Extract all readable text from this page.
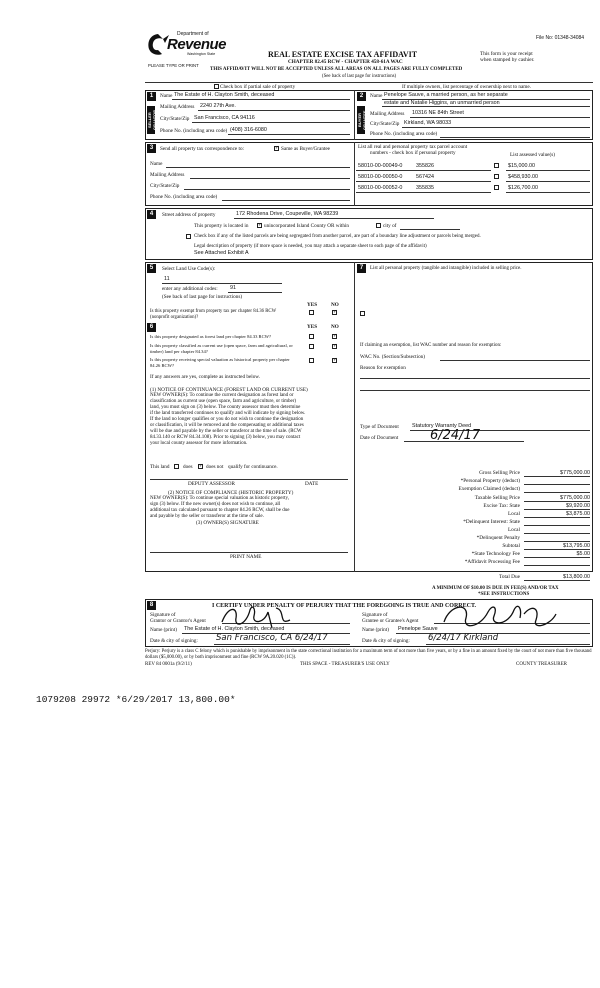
File No: 01348-34084
Department of
Revenue
Washington State
PLEASE TYPE OR PRINT
REAL ESTATE EXCISE TAX AFFIDAVIT
CHAPTER 82.45 RCW - CHAPTER 458-61A WAC
This form is your receipt
when stamped by cashier.
THIS AFFIDAVIT WILL NOT BE ACCEPTED UNLESS ALL AREAS ON ALL PAGES ARE FULLY COMPLETED
(See back of last page for instructions)
Check box if partial sale of property	If multiple owners, list percentage of ownership next to name.
1
SELLER GRANTOR
Name The Estate of H. Clayton Smith, deceased
Mailing Address 2240 27th Ave.
City/State/Zip San Francisco, CA 94116
Phone No. (including area code) (408) 316-6080
2
BUYER GRANTEE
Name Penelope Sauve, a married person, as her separate
estate and Natalie Higgins, an unmarried person
Mailing Address 10316 NE 84th Street
City/State/Zip Kirkland, WA 98033
Phone No. (including area code)
3	Send all property tax correspondence to:	✓ Same as Buyer/Grantee
Name
Mailing Address
City/State/Zip
Phone No. (including area code)
List all real and personal property tax parcel account
numbers - check box if personal property	List assessed value(s)
58010-00-00049-0	355826	$15,000.00
58010-00-00050-0	567424	$458,930.00
58010-00-00052-0	355835	$126,700.00
4	Street address of property	172 Rhodena Drive, Coupeville, WA 98239
This property is located in ✓ unincorporated Island County OR within	city of
Check box if any of the listed parcels are being segregated from another parcel, are part of a boundary line adjustment or parcels being merged.
Legal description of property (if more space is needed, you may attach a separate sheet to each page of the affidavit)
See Attached Exhibit A
5	Select Land Use Code(s):
11
enter any additional codes: 91
(See back of last page for instructions)
YES	NO
Is this property exempt from property tax per chapter 84.36 RCW (nonprofit organization)?
✓
6	YES	NO
Is this property designated as forest land per chapter 84.33 RCW?	✓
Is this property classified as current use (open space, farm and agricultural, or timber) land per chapter 84.34?
✓
Is this property receiving special valuation as historical property per chapter 84.26 RCW?
✓
If any answers are yes, complete as instructed below.
(1) NOTICE OF CONTINUANCE (FOREST LAND OR CURRENT USE)
NEW OWNER(S): To continue the current designation as forest land or
classification as current use (open space, farm and agriculture, or timber)
land, you must sign on (3) below. The county assessor must then determine
if the land transferred continues to qualify and will indicate by signing below.
If the land no longer qualifies or you do not wish to continue the designation
or classification, it will be removed and the compensating or additional taxes
will be due and payable by the seller or transferor at the time of sale. (RCW
84.33.140 or RCW 84.34.108). Prior to signing (3) below, you may contact
your local county assessor for more information.
This land	does ✓ does not qualify for continuance.
DEPUTY ASSESSOR	DATE
(2) NOTICE OF COMPLIANCE (HISTORIC PROPERTY)
NEW OWNER(S): To continue special valuation as historic property,
sign (3) below. If the new owner(s) does not wish to continue, all
additional tax calculated pursuant to chapter 84.26 RCW, shall be due
and payable by the seller or transferor at the time of sale.
(3) OWNER(S) SIGNATURE
PRINT NAME
7	List all personal property (tangible and intangible) included in selling price.
If claiming an exemption, list WAC number and reason for exemption:
WAC No. (Section/Subsection)
Reason for exemption
Type of Document Statutory Warranty Deed
Date of Document 6/24/17
Gross Selling Price	$775,000.00
*Personal Property (deduct)
Exemption Claimed (deduct)
Taxable Selling Price	$775,000.00
Excise Tax: State	$9,920.00
Local	$3,875.00
*Delinquent Interest: State
Local
*Delinquent Penalty
Subtotal	$13,795.00
*State Technology Fee	$5.00
*Affidavit Processing Fee
Total Due	$13,800.00
A MINIMUM OF $10.00 IS DUE IN FEE(S) AND/OR TAX
*SEE INSTRUCTIONS
8	I CERTIFY UNDER PENALTY OF PERJURY THAT THE FOREGOING IS TRUE AND CORRECT.
Signature of
Grantor or Grantor's Agent
Signature of
Grantee or Grantee's Agent
Name (print) The Estate of H. Clayton Smith, deceased	Name (print) Penelope Sauve
Date & city of signing: San Francisco, CA 6/24/17	Date & city of signing: 6/24/17 Kirkland
Perjury: Perjury is a class C felony which is punishable by imprisonment in the state correctional institution for a maximum term of not more than five years, or by a fine in an amount fixed by the court of not more than five thousand dollars ($5,000.00), or by both imprisonment and fine (RCW 9A.20.020 (1C)).
REV 84 0001a (9/2/11)	THIS SPACE - TREASURER'S USE ONLY	COUNTY TREASURER
1079208 29972 *6/29/2017 13,800.00*
